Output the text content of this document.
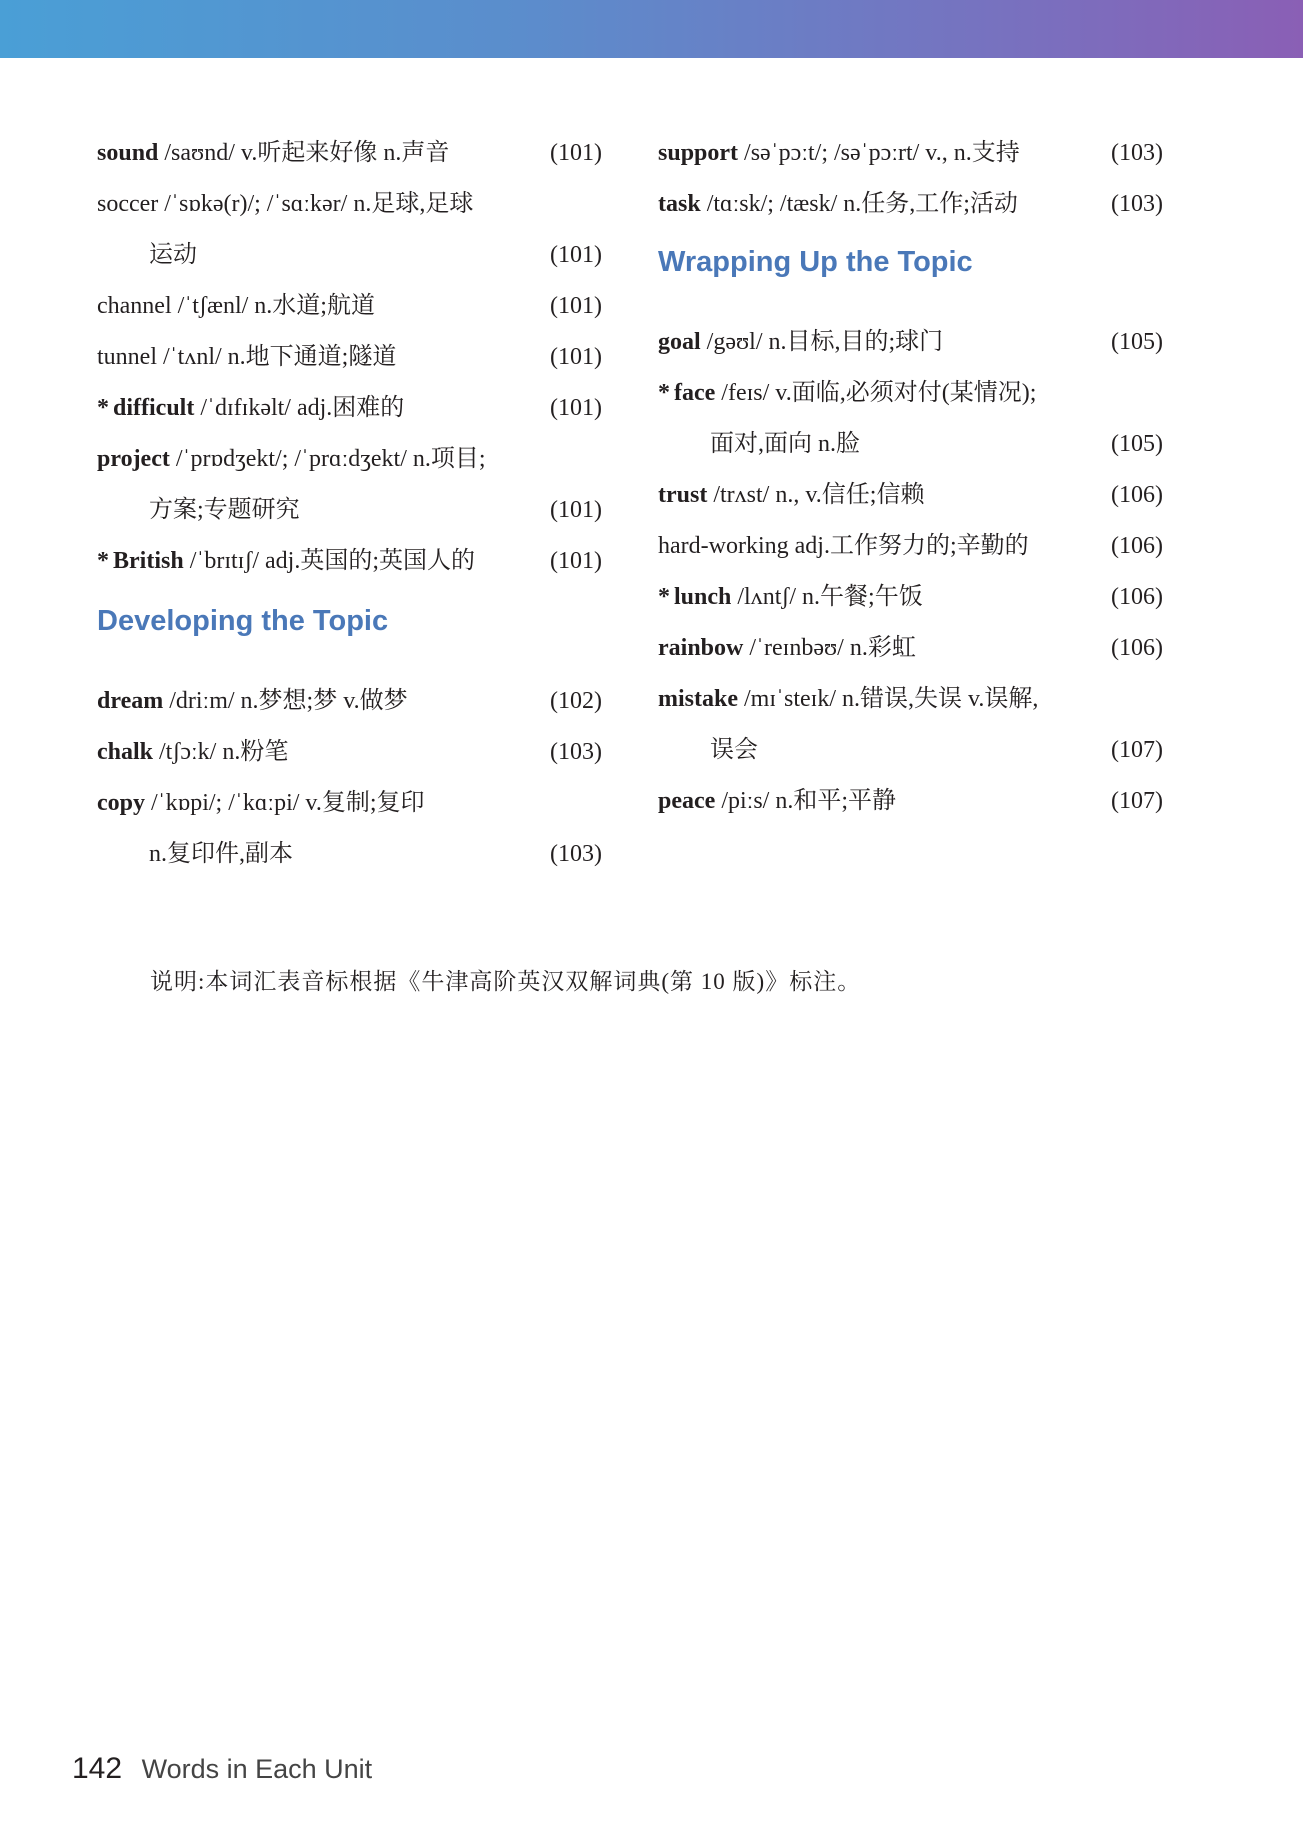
sound /saʊnd/ v.听起来好像 n.声音	(101)
soccer /ˈsɒkə(r)/; /ˈsɑːkər/ n.足球,足球
运动	(101)
channel /ˈtʃænl/ n.水道;航道	(101)
tunnel /ˈtʌnl/ n.地下通道;隧道	(101)
* difficult /ˈdɪfɪkəlt/ adj.困难的	(101)
project /ˈprɒdʒekt/; /ˈprɑːdʒekt/ n.项目;
方案;专题研究	(101)
* British /ˈbrɪtɪʃ/ adj.英国的;英国人的	(101)
Developing the Topic
dream /driːm/ n.梦想;梦 v.做梦	(102)
chalk /tʃɔːk/ n.粉笔	(103)
copy /ˈkɒpi/; /ˈkɑːpi/ v.复制;复印
n.复印件,副本	(103)
support /səˈpɔːt/; /səˈpɔːrt/ v., n.支持	(103)
task /tɑːsk/; /tæsk/ n.任务,工作;活动	(103)
Wrapping Up the Topic
goal /gəʊl/ n.目标,目的;球门	(105)
* face /feɪs/ v.面临,必须对付(某情况);
面对,面向 n.脸	(105)
trust /trʌst/ n., v.信任;信赖	(106)
hard-working adj.工作努力的;辛勤的	(106)
* lunch /lʌntʃ/ n.午餐;午饭	(106)
rainbow /ˈreɪnbəʊ/ n.彩虹	(106)
mistake /mɪˈsteɪk/ n.错误,失误 v.误解,
误会	(107)
peace /piːs/ n.和平;平静	(107)
说明:本词汇表音标根据《牛津高阶英汉双解词典(第 10 版)》标注。
142 Words in Each Unit
